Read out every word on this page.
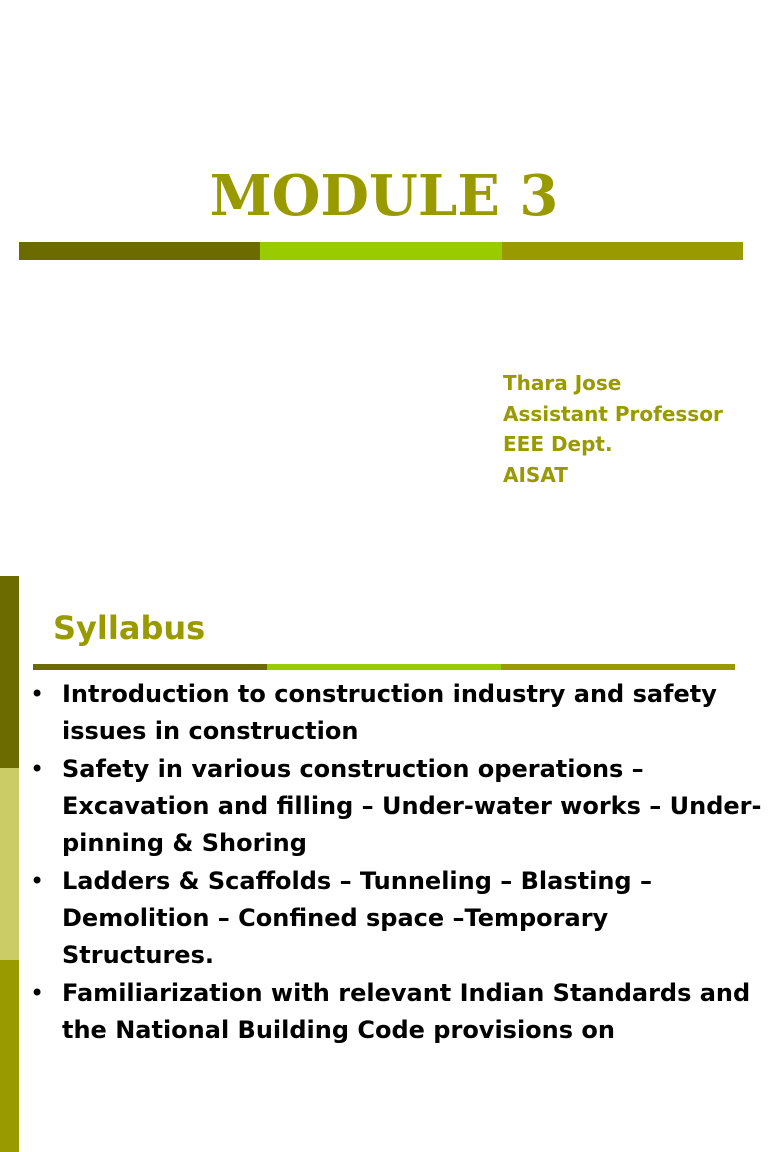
MODULE 3
Thara Jose
Assistant Professor
EEE Dept.
AISAT
Syllabus
• Introduction to construction industry and safety issues in construction
• Safety in various construction operations – Excavation and filling – Under-water works – Under-pinning & Shoring
• Ladders & Scaffolds – Tunneling – Blasting – Demolition – Confined space –Temporary Structures.
• Familiarization with relevant Indian Standards and the National Building Code provisions on
